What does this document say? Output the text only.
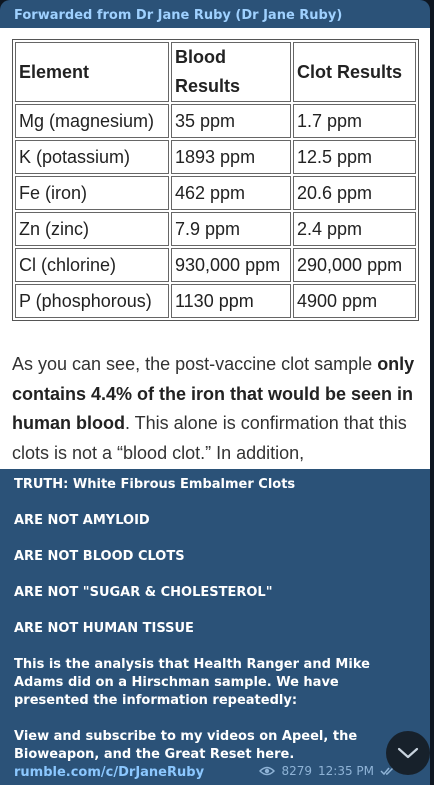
Forwarded from Dr Jane Ruby (Dr Jane Ruby)
Element	Blood Results	Clot Results
Mg (magnesium)	35 ppm	1.7 ppm
K (potassium)	1893 ppm	12.5 ppm
Fe (iron)	462 ppm	20.6 ppm
Zn (zinc)	7.9 ppm	2.4 ppm
Cl (chlorine)	930,000 ppm	290,000 ppm
P (phosphorous)	1130 ppm	4900 ppm
As you can see, the post-vaccine clot sample only contains 4.4% of the iron that would be seen in human blood. This alone is confirmation that this clots is not a “blood clot.” In addition,

TRUTH: White Fibrous Embalmer Clots

ARE NOT AMYLOID

ARE NOT BLOOD CLOTS

ARE NOT "SUGAR & CHOLESTEROL"

ARE NOT HUMAN TISSUE

This is the analysis that Health Ranger and Mike Adams did on a Hirschman sample. We have presented the information repeatedly:

View and subscribe to my videos on Apeel, the Bioweapon, and the Great Reset here. rumble.com/c/DrJaneRuby	8279 12:35 PM
